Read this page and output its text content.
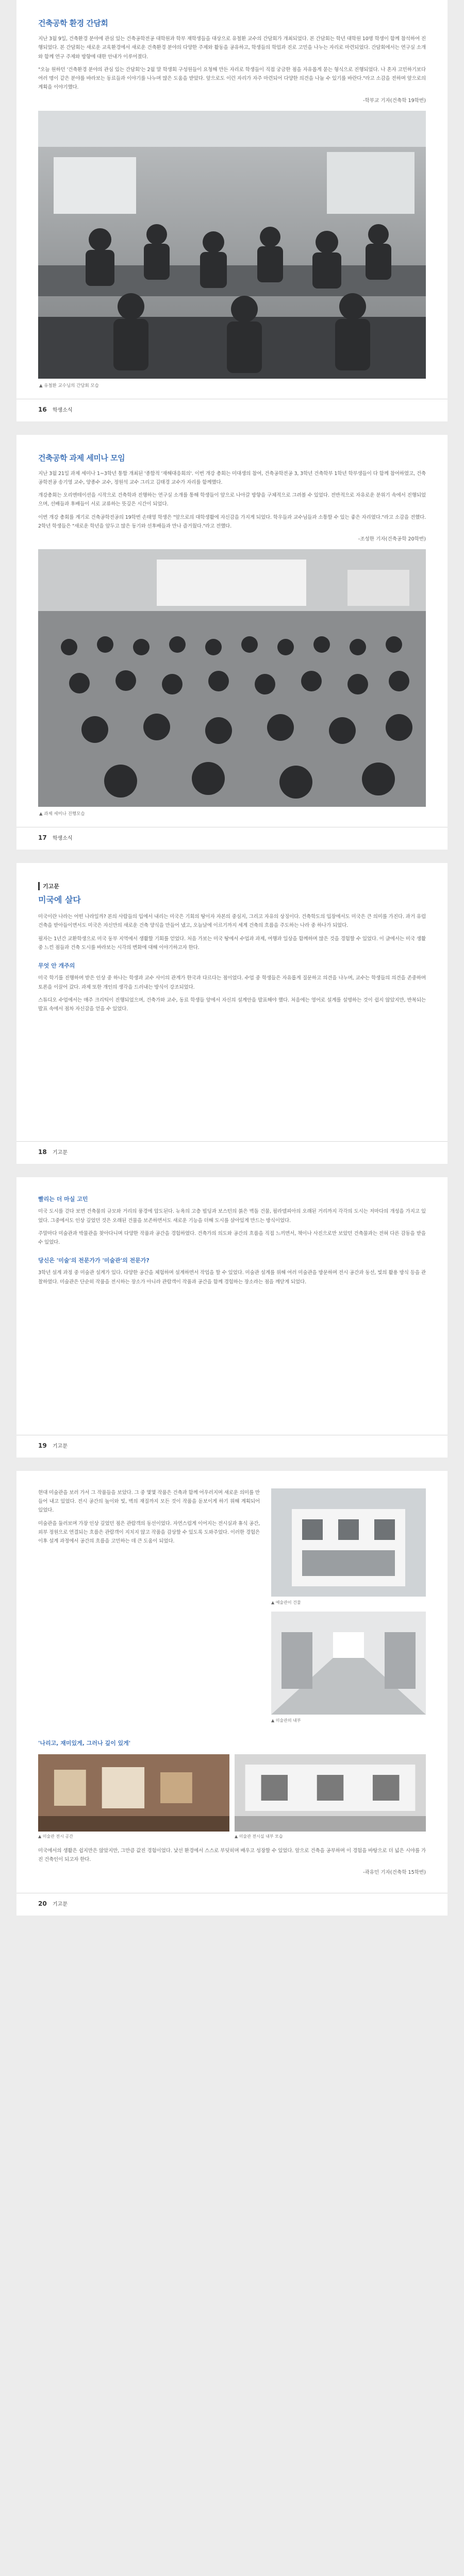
건축공학 환경 간담회

지난 3월 9일, 건축환경 분야에 관심 있는 건축공학전공 대학원과 학부 재학생들을 대상으로 유철환 교수의 간담회가 개최되었다. 본 간담회는 학년 대학원 10명 학생이 함께 참석하여 진행되었다. 본 간담회는 새로운 교육환경에서 새로운 건축환경 분야의 다양한 주제와 활동을 공유하고, 학생들의 학업과 진로 고민을 나누는 자리로 마련되었다. 간담회에서는 연구실 소개와 함께 연구 주제와 방향에 대한 안내가 이루어졌다.

"오늘 원하던 '건축환경 분야의 관심 있는 간담회'는 2월 말 학생회 구성원들이 요청해 만든 자리로 학생들이 직접 궁금한 점을 자유롭게 묻는 형식으로 진행되었다. 나 혼자 고민하기보다 여러 명이 같은 분야를 바라보는 동료들과 이야기를 나누며 많은 도움을 받았다. 앞으로도 이런 자리가 자주 마련되어 다양한 의견을 나눌 수 있기를 바란다."라고 소감을 전하며 앞으로의 계획을 이야기했다.

-학부교 기자(건축학 19학번)
▲ 유철환 교수님의 간담회 모습
16 학생소식
건축공학 과제 세미나 모임

지난 3월 21일 과제 세미나 1~3학년 통합 개최된 '종합적 '재해대응회의'. 이번 개강 총회는 미대생의 참여, 건축공학전공 3, 3학년 건축학부 1학년 학부생들이 다 함께 참여하였고, 건축공학전공 송기영 교수, 양종수 교수, 정원석 교수 그리고 김태경 교수가 자리를 함께했다.

개강총회는 오리엔테이션을 시작으로 건축학과 진행하는 연구실 소개를 통해 학생들이 앞으로 나아갈 방향을 구체적으로 그려볼 수 있었다. 전반적으로 자유로운 분위기 속에서 진행되었으며, 선배들과 후배들이 서로 교류하는 뜻깊은 시간이 되었다.

이번 개강 총회를 계기로 건축공학전공의 19학번 손태영 학생은 "앞으로의 대학생활에 자신감을 가지게 되었다. 학우들과 교수님들과 소통할 수 있는 좋은 자리였다."라고 소감을 전했다. 2학년 학생들은 "새로운 학년을 앞두고 많은 동기와 선후배들과 만나 즐거웠다."라고 전했다.

-조성한 기자(건축공학 20학번)
▲ 과제 세미나 진행모습
17 학생소식
기고문
미국에 살다

미국이란 나라는 어떤 나라일까? 본의 사람들의 입에서 내리는 미국은 기회의 땅이자 자본의 중심지, 그리고 자유의 상징이다. 건축학도의 입장에서도 미국은 큰 의미를 가진다. 과거 유럽 건축을 받아들이면서도 미국은 자신만의 새로운 건축 양식을 만들어 냈고, 오늘날에 이르기까지 세계 건축의 흐름을 주도하는 나라 중 하나가 되었다.

필자는 1년간 교환학생으로 미국 동부 지역에서 생활할 기회를 얻었다. 처음 가보는 미국 땅에서 수업과 과제, 여행과 일상을 함께하며 많은 것을 경험할 수 있었다. 이 글에서는 미국 생활 중 느낀 점들과 건축 도시를 바라보는 시각의 변화에 대해 이야기하고자 한다.

무엇 안 개주의

미국 학기를 진행하며 받은 인상 중 하나는 학생과 교수 사이의 관계가 한국과 다르다는 점이었다. 수업 중 학생들은 자유롭게 질문하고 의견을 나누며, 교수는 학생들의 의견을 존중하며 토론을 이끌어 갔다. 과제 또한 개인의 생각을 드러내는 방식이 강조되었다.

스튜디오 수업에서는 매주 크리틱이 진행되었으며, 건축가와 교수, 동료 학생들 앞에서 자신의 설계안을 발표해야 했다. 처음에는 영어로 설계를 설명하는 것이 쉽지 않았지만, 반복되는 발표 속에서 점차 자신감을 얻을 수 있었다.

18 기고문
빨리는 더 마실 고민

미국 도시를 걷다 보면 건축물의 규모와 거리의 풍경에 압도된다. 뉴욕의 고층 빌딩과 보스턴의 붉은 벽돌 건물, 필라델피아의 오래된 거리까지 각각의 도시는 저마다의 개성을 가지고 있었다. 그중에서도 인상 깊었던 것은 오래된 건물을 보존하면서도 새로운 기능을 더해 도시를 살아있게 만드는 방식이었다.

주말마다 미술관과 박물관을 찾아다니며 다양한 작품과 공간을 경험하였다. 건축가의 의도와 공간의 흐름을 직접 느끼면서, 책이나 사진으로만 보았던 건축물과는 전혀 다른 감동을 받을 수 있었다.

당신은 '미술'의 전문가가 '미술관'의 전문가?

3학년 설계 과정 중 미술관 설계가 있다. 다양한 공간을 체험하며 설계하면서 작업을 할 수 있었다. 미술관 설계를 위해 여러 미술관을 방문하며 전시 공간과 동선, 빛의 활용 방식 등을 관찰하였다. 미술관은 단순히 작품을 전시하는 장소가 아니라 관람객이 작품과 공간을 함께 경험하는 장소라는 점을 깨닫게 되었다.

19 기고문

현대 미술관을 보러 가서 그 작품들을 보았다. 그 중 몇몇 작품은 건축과 함께 어우러지며 새로운 의미를 만들어 내고 있었다. 전시 공간의 높이와 빛, 벽의 재질까지 모든 것이 작품을 돋보이게 하기 위해 계획되어 있었다.

미술관을 둘러보며 가장 인상 깊었던 점은 관람객의 동선이었다. 자연스럽게 이어지는 전시실과 휴식 공간, 외부 정원으로 연결되는 흐름은 관람객이 지치지 않고 작품을 감상할 수 있도록 도와주었다. 이러한 경험은 이후 설계 과정에서 공간의 흐름을 고민하는 데 큰 도움이 되었다.

▲ 예술관이 건물
▲ 미술관의 내부
'나리고, 재미있게, 그러나 깊이 있게'
▲ 미술관 전시 공간	▲ 미술관 전시실 내부 모습

미국에서의 생활은 쉽지만은 않았지만, 그만큼 값진 경험이었다. 낯선 환경에서 스스로 부딪히며 배우고 성장할 수 있었다. 앞으로 건축을 공부하며 이 경험을 바탕으로 더 넓은 시야를 가진 건축인이 되고자 한다.

-곽유민 기자(건축학 15학번)
20 기고문
